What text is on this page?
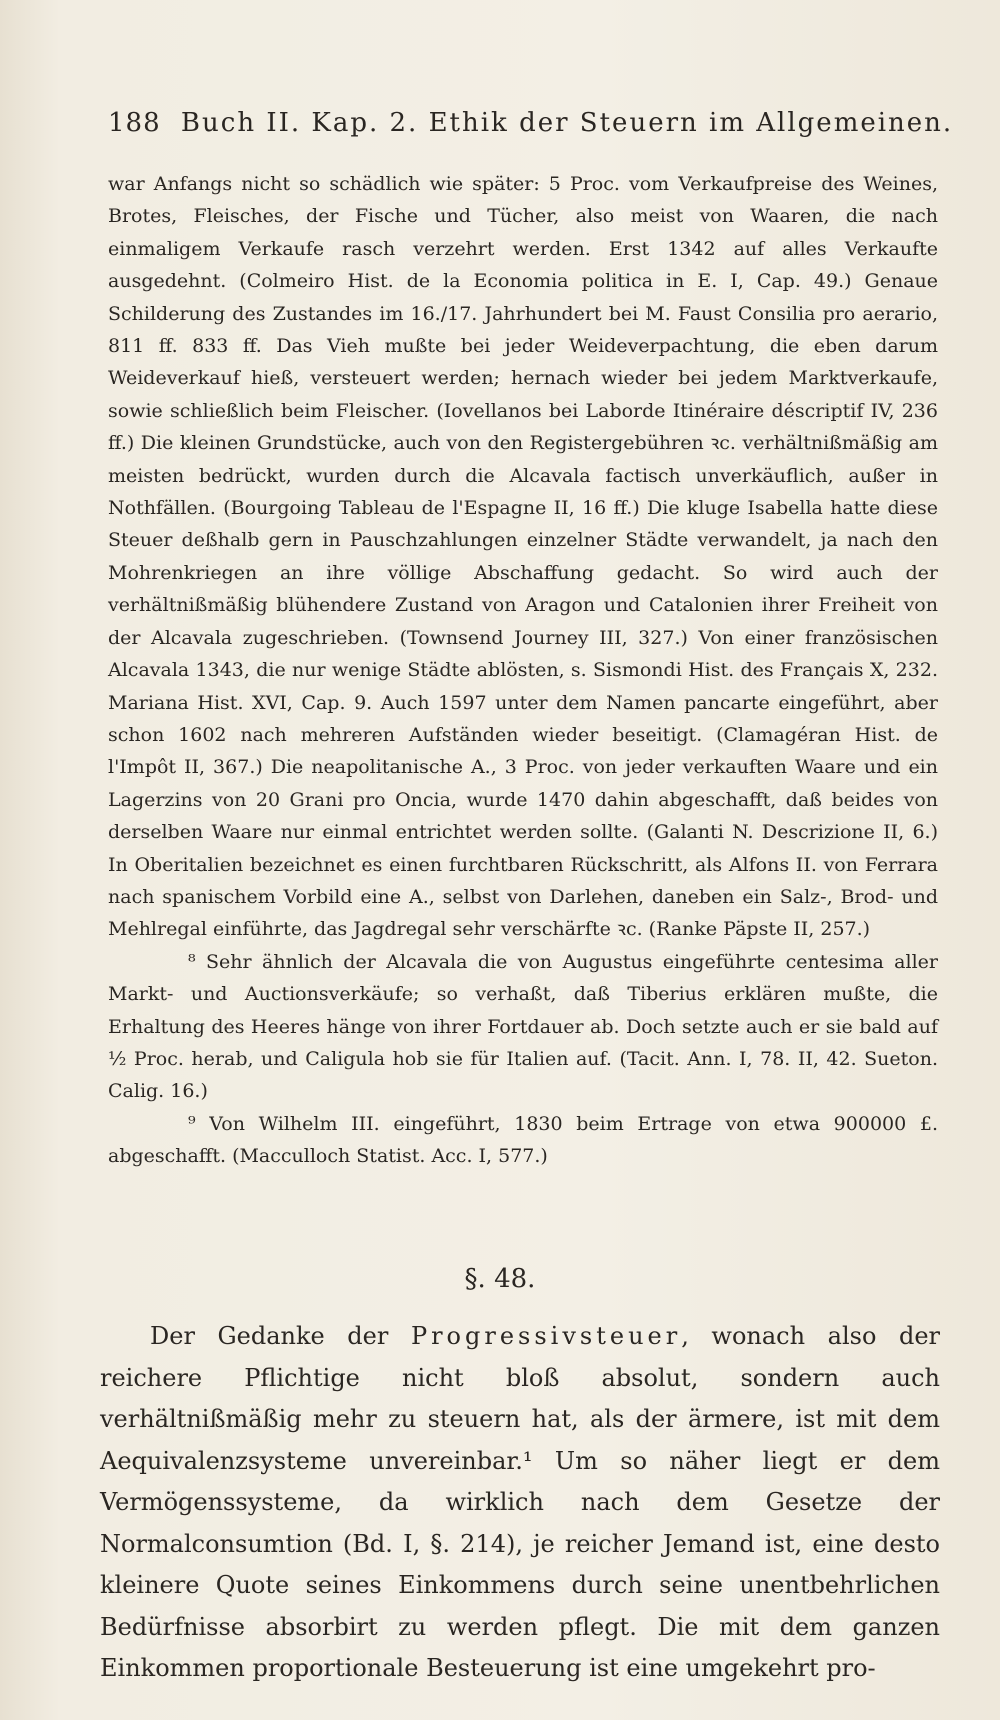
188 Buch II. Kap. 2. Ethik der Steuern im Allgemeinen.

war Anfangs nicht so schädlich wie später: 5 Proc. vom Verkaufpreise des Weines, Brotes, Fleisches, der Fische und Tücher, also meist von Waaren, die nach einmaligem Verkaufe rasch verzehrt werden. Erst 1342 auf alles Verkaufte ausgedehnt. (Colmeiro Hist. de la Economia politica in E. I, Cap. 49.) Genaue Schilderung des Zustandes im 16./17. Jahrhundert bei M. Faust Consilia pro aerario, 811 ff. 833 ff. Das Vieh mußte bei jeder Weideverpachtung, die eben darum Weideverkauf hieß, versteuert werden; hernach wieder bei jedem Marktverkaufe, sowie schließlich beim Fleischer. (Iovellanos bei Laborde Itinéraire déscriptif IV, 236 ff.) Die kleinen Grundstücke, auch von den Registergebühren ꝛc. verhältnißmäßig am meisten bedrückt, wurden durch die Alcavala factisch unverkäuflich, außer in Nothfällen. (Bourgoing Tableau de l'Espagne II, 16 ff.) Die kluge Isabella hatte diese Steuer deßhalb gern in Pauschzahlungen einzelner Städte verwandelt, ja nach den Mohrenkriegen an ihre völlige Abschaffung gedacht. So wird auch der verhältnißmäßig blühendere Zustand von Aragon und Catalonien ihrer Freiheit von der Alcavala zugeschrieben. (Townsend Journey III, 327.) Von einer französischen Alcavala 1343, die nur wenige Städte ablösten, s. Sismondi Hist. des Français X, 232. Mariana Hist. XVI, Cap. 9. Auch 1597 unter dem Namen pancarte eingeführt, aber schon 1602 nach mehreren Aufständen wieder beseitigt. (Clamagéran Hist. de l'Impôt II, 367.) Die neapolitanische A., 3 Proc. von jeder verkauften Waare und ein Lagerzins von 20 Grani pro Oncia, wurde 1470 dahin abgeschafft, daß beides von derselben Waare nur einmal entrichtet werden sollte. (Galanti N. Descrizione II, 6.) In Oberitalien bezeichnet es einen furchtbaren Rückschritt, als Alfons II. von Ferrara nach spanischem Vorbild eine A., selbst von Darlehen, daneben ein Salz-, Brod- und Mehlregal einführte, das Jagdregal sehr verschärfte ꝛc. (Ranke Päpste II, 257.)

⁸ Sehr ähnlich der Alcavala die von Augustus eingeführte centesima aller Markt- und Auctionsverkäufe; so verhaßt, daß Tiberius erklären mußte, die Erhaltung des Heeres hänge von ihrer Fortdauer ab. Doch setzte auch er sie bald auf ½ Proc. herab, und Caligula hob sie für Italien auf. (Tacit. Ann. I, 78. II, 42. Sueton. Calig. 16.)

⁹ Von Wilhelm III. eingeführt, 1830 beim Ertrage von etwa 900000 £. abgeschafft. (Macculloch Statist. Acc. I, 577.)

§. 48.

Der Gedanke der Progressivsteuer, wonach also der reichere Pflichtige nicht bloß absolut, sondern auch verhältnißmäßig mehr zu steuern hat, als der ärmere, ist mit dem Aequivalenzsysteme unvereinbar.¹ Um so näher liegt er dem Vermögenssysteme, da wirklich nach dem Gesetze der Normalconsumtion (Bd. I, §. 214), je reicher Jemand ist, eine desto kleinere Quote seines Einkommens durch seine unentbehrlichen Bedürfnisse absorbirt zu werden pflegt. Die mit dem ganzen Einkommen proportionale Besteuerung ist eine umgekehrt pro-
